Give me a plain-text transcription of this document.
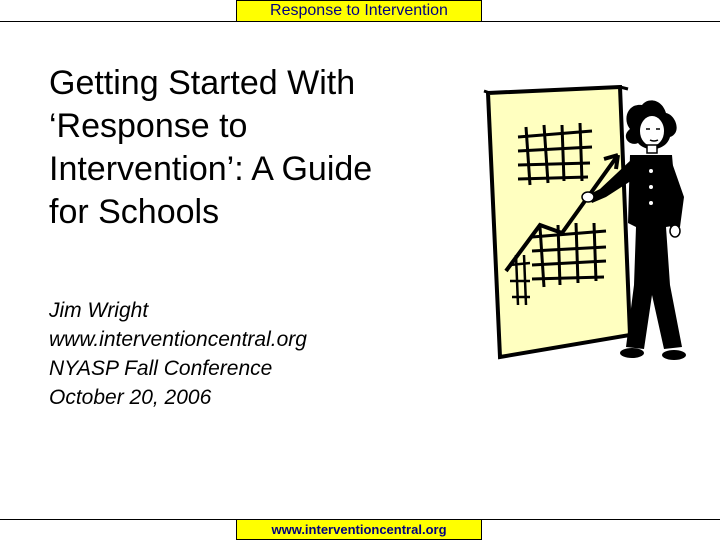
Response to Intervention
Getting Started With
‘Response to
Intervention’: A Guide
for Schools
Jim Wright
www.interventioncentral.org
NYASP Fall Conference
October 20, 2006
www.interventioncentral.org
